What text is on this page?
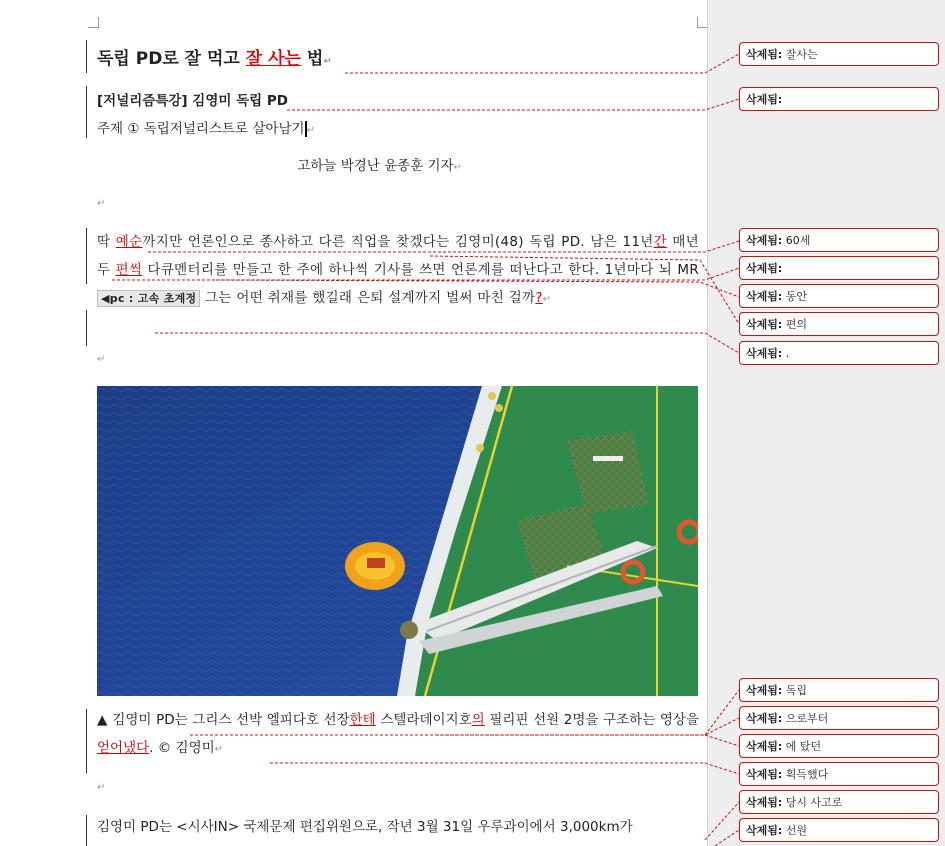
독립 PD로 잘 먹고 잘 사는 법↵
[저널리즘특강] 김영미 독립 PD
주제 ① 독립저널리스트로 살아남기 ↵
고하늘 박경난 윤종훈 기자↵
↵
딱 예순까지만 언론인으로 종사하고 다른 직업을 찾겠다는 김영미(48) 독립 PD. 남은 11년간 매년 두 편씩 다큐멘터리를 만들고 한 주에 하나씩 기사를 쓰면 언론계를 떠난다고 한다. 1년마다 뇌 MR◀pc : 고속 초계정 그는 어떤 취재를 했길래 은퇴 설계까지 벌써 마친 걸까?↵
↵
▲ 김영미 PD는 그리스 선박 엘피다호 선장한테 스텔라데이지호의 필리핀 선원 2명을 구조하는 영상을 얻어냈다. © 김영미↵
↵
김영미 PD는 <시사IN> 국제문제 편집위원으로, 작년 3월 31일 우루과이에서 3,000km가
삭제됨: 잘사는
삭제됨:
삭제됨: 60세
삭제됨:
삭제됨: 동안
삭제됨: 편의
삭제됨: .
삭제됨: 독립
삭제됨: 으로부터
삭제됨: 에 탔던
삭제됨: 획득했다
삭제됨: 당시 사고로
삭제됨: 선원
